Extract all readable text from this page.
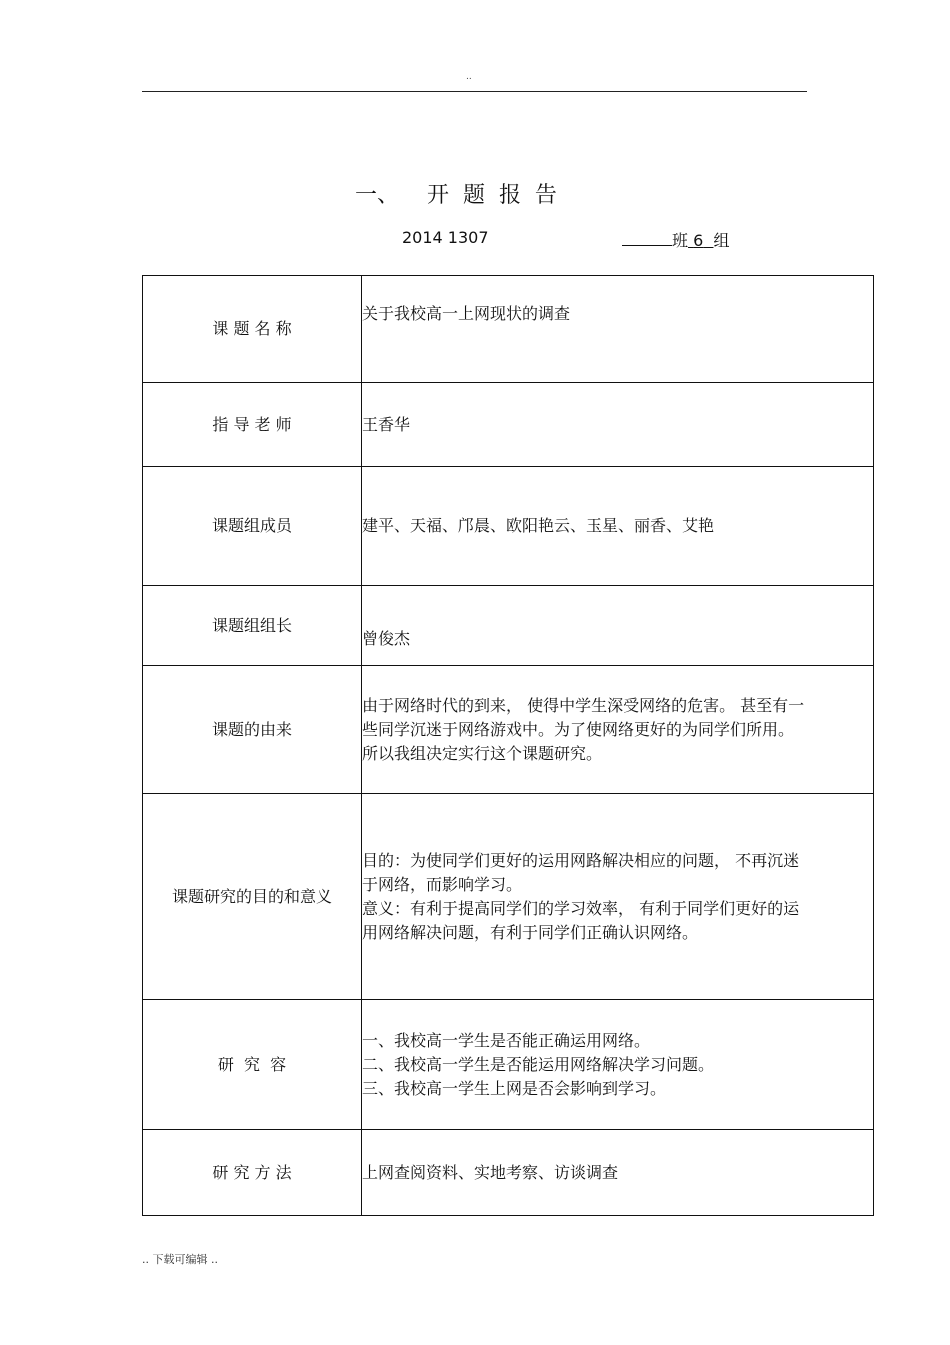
..
一、    开  题  报  告
2014 1307	班 6 组
课 题 名 称	关于我校高一上网现状的调查

指 导 老 师	王香华

课题组成员	建平、天福、邝晨、欧阳艳云、玉星、丽香、艾艳

课题组组长	曾俊杰

课题的由来	由于网络时代的到来， 使得中学生深受网络的危害。 甚至有一
些同学沉迷于网络游戏中。为了使网络更好的为同学们所用。
所以我组决定实行这个课题研究。

课题研究的目的和意义	目的：为使同学们更好的运用网路解决相应的问题， 不再沉迷
于网络，而影响学习。
意义：有利于提高同学们的学习效率， 有利于同学们更好的运
用网络解决问题，有利于同学们正确认识网络。

研  究  容	一、我校高一学生是否能正确运用网络。
二、我校高一学生是否能运用网络解决学习问题。
三、我校高一学生上网是否会影响到学习。

研 究 方 法	上网查阅资料、实地考察、访谈调查
.. 下载可编辑 ..
